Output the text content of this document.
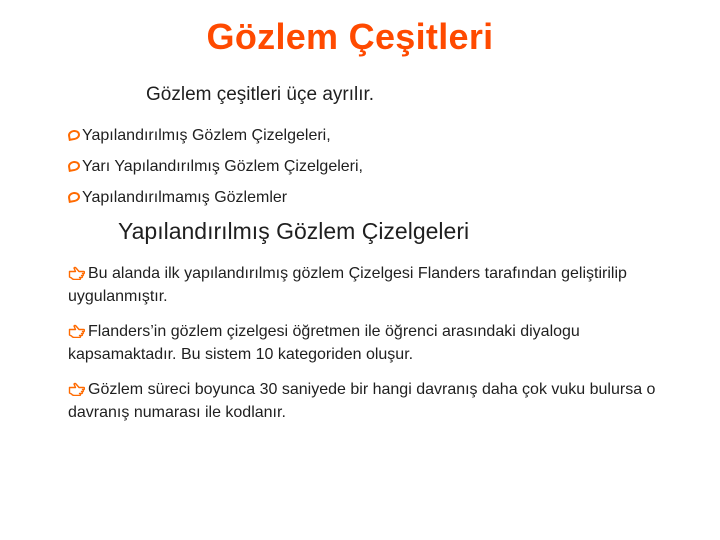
Gözlem Çeşitleri
Gözlem çeşitleri üçe ayrılır.
Yapılandırılmış Gözlem Çizelgeleri,
Yarı Yapılandırılmış Gözlem Çizelgeleri,
Yapılandırılmamış Gözlemler
Yapılandırılmış Gözlem Çizelgeleri
Bu alanda ilk yapılandırılmış gözlem Çizelgesi Flanders tarafından geliştirilip uygulanmıştır.
Flanders’in gözlem çizelgesi öğretmen ile öğrenci arasındaki diyalogu kapsamaktadır. Bu sistem 10 kategoriden oluşur.
Gözlem süreci boyunca 30 saniyede bir hangi davranış daha çok vuku bulursa o davranış numarası ile kodlanır.
